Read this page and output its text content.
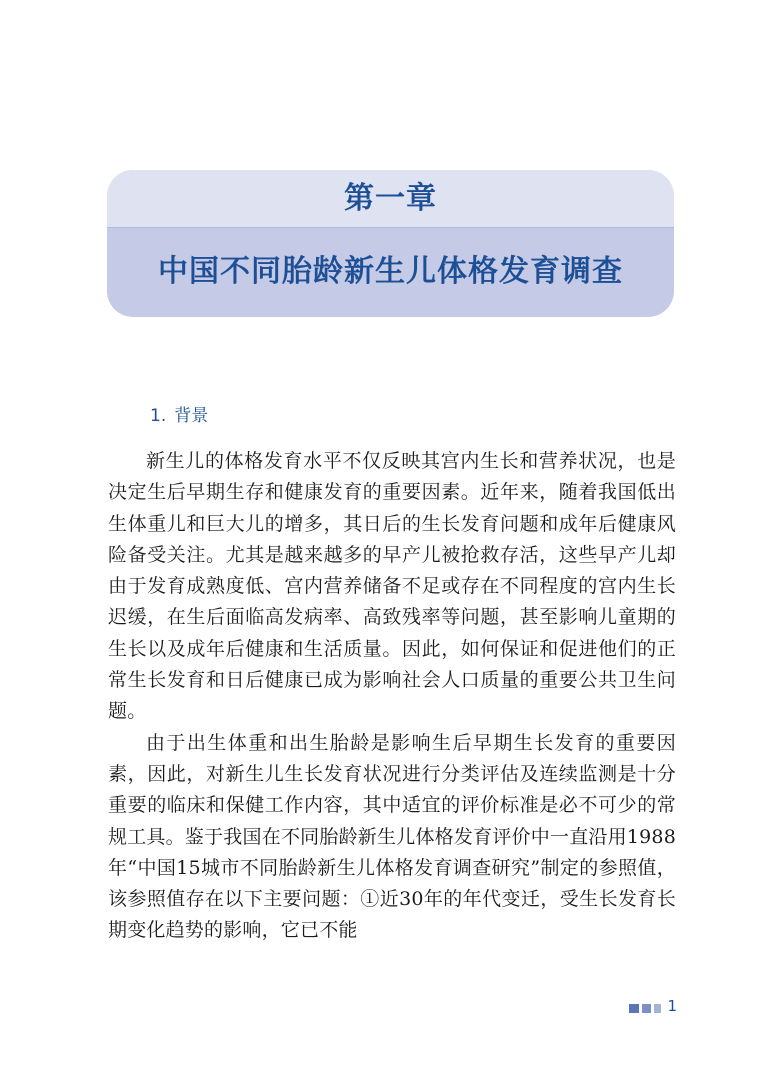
第一章
中国不同胎龄新生儿体格发育调查
1. 背景

新生儿的体格发育水平不仅反映其宫内生长和营养状况，也是决定生后早期生存和健康发育的重要因素。近年来，随着我国低出生体重儿和巨大儿的增多，其日后的生长发育问题和成年后健康风险备受关注。尤其是越来越多的早产儿被抢救存活，这些早产儿却由于发育成熟度低、宫内营养储备不足或存在不同程度的宫内生长迟缓，在生后面临高发病率、高致残率等问题，甚至影响儿童期的生长以及成年后健康和生活质量。因此，如何保证和促进他们的正常生长发育和日后健康已成为影响社会人口质量的重要公共卫生问题。

由于出生体重和出生胎龄是影响生后早期生长发育的重要因素，因此，对新生儿生长发育状况进行分类评估及连续监测是十分重要的临床和保健工作内容，其中适宜的评价标准是必不可少的常规工具。鉴于我国在不同胎龄新生儿体格发育评价中一直沿用1988年“中国15城市不同胎龄新生儿体格发育调查研究”制定的参照值，该参照值存在以下主要问题：①近30年的年代变迁，受生长发育长期变化趋势的影响，它已不能

1
